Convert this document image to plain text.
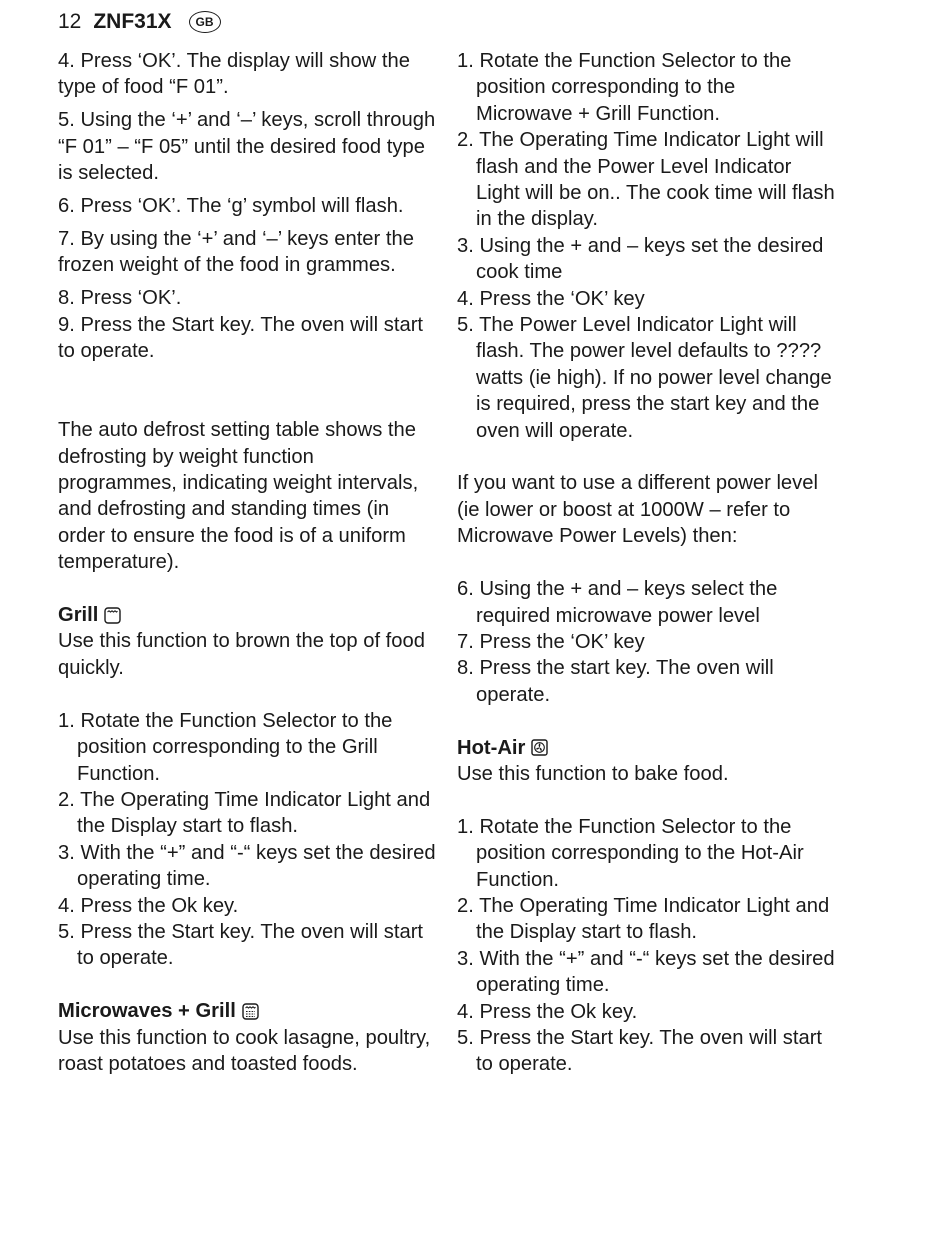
12 ZNF31X	GB

4. Press ‘OK’. The display will show the type of food “F 01”.

5. Using the ‘+’ and ‘–’ keys, scroll through “F 01” – “F 05” until the desired food type is selected.

6. Press ‘OK’. The ‘g’ symbol will flash.

7. By using the ‘+’ and ‘–’ keys enter the frozen weight of the food in grammes.

8. Press ‘OK’.

9. Press the Start key. The oven will start to operate.

The auto defrost setting table shows the defrosting by weight function programmes, indicating weight intervals, and defrosting and standing times (in order to ensure the food is of a uniform temperature).

Grill

Use this function to brown the top of food quickly.

1. Rotate the Function Selector to the position corresponding to the Grill Function.
2. The Operating Time Indicator Light and the Display start to flash.
3. With the “+” and “-“ keys set the desired operating time.
4. Press the Ok key.
5. Press the Start key. The oven will start to operate.

Microwaves + Grill

Use this function to cook lasagne, poultry, roast potatoes and toasted foods.

1. Rotate the Function Selector to the position corresponding to the Microwave + Grill Function.
2. The Operating Time Indicator Light will flash and the Power Level Indicator Light will be on.. The cook time will flash in the display.
3. Using the + and – keys set the desired cook time
4. Press the ‘OK’ key
5. The Power Level Indicator Light will flash. The power level defaults to ???? watts (ie high). If no power level change is required, press the start key and the oven will operate.

If you want to use a different power level (ie lower or boost at 1000W – refer to Microwave Power Levels) then:

6. Using the + and – keys select the required microwave power level
7. Press the ‘OK’ key
8. Press the start key. The oven will operate.

Hot-Air

Use this function to bake food.

1. Rotate the Function Selector to the position corresponding to the Hot-Air Function.
2. The Operating Time Indicator Light and the Display start to flash.
3. With the “+” and “-“ keys set the desired operating time.
4. Press the Ok key.
5. Press the Start key. The oven will start to operate.
